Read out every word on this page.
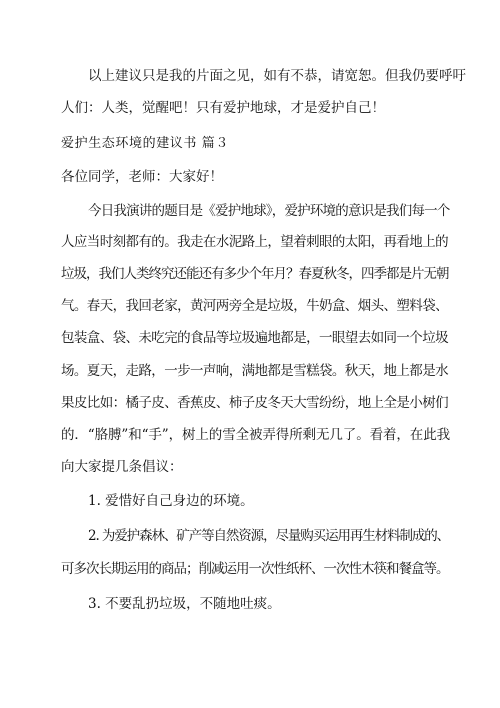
以上建议只是我的片面之见，如有不恭，请宽恕。但我仍要呼吁
人们：人类，觉醒吧！只有爱护地球，才是爱护自己！
爱护生态环境的建议书 篇３
各位同学，老师：大家好！
今日我演讲的题目是《爱护地球》，爱护环境的意识是我们每一个
人应当时刻都有的。我走在水泥路上，望着刺眼的太阳，再看地上的
垃圾，我们人类终究还能还有多少个年月？春夏秋冬，四季都是片无朝
气。春天，我回老家，黄河两旁全是垃圾，牛奶盒、烟头、塑料袋、
包装盒、袋、未吃完的食品等垃圾遍地都是，一眼望去如同一个垃圾
场。夏天，走路，一步一声响，满地都是雪糕袋。秋天，地上都是水
果皮比如：橘子皮、香蕉皮、柿子皮冬天大雪纷纷，地上全是小树们
的．“胳膊”和“手”，树上的雪全被弄得所剩无几了。看着，在此我
向大家提几条倡议：
1. 爱惜好自己身边的环境。
2. 为爱护森林、矿产等自然资源，尽量购买运用再生材料制成的、
可多次长期运用的商品；削减运用一次性纸杯、一次性木筷和餐盒等。
3. 不要乱扔垃圾，不随地吐痰。
